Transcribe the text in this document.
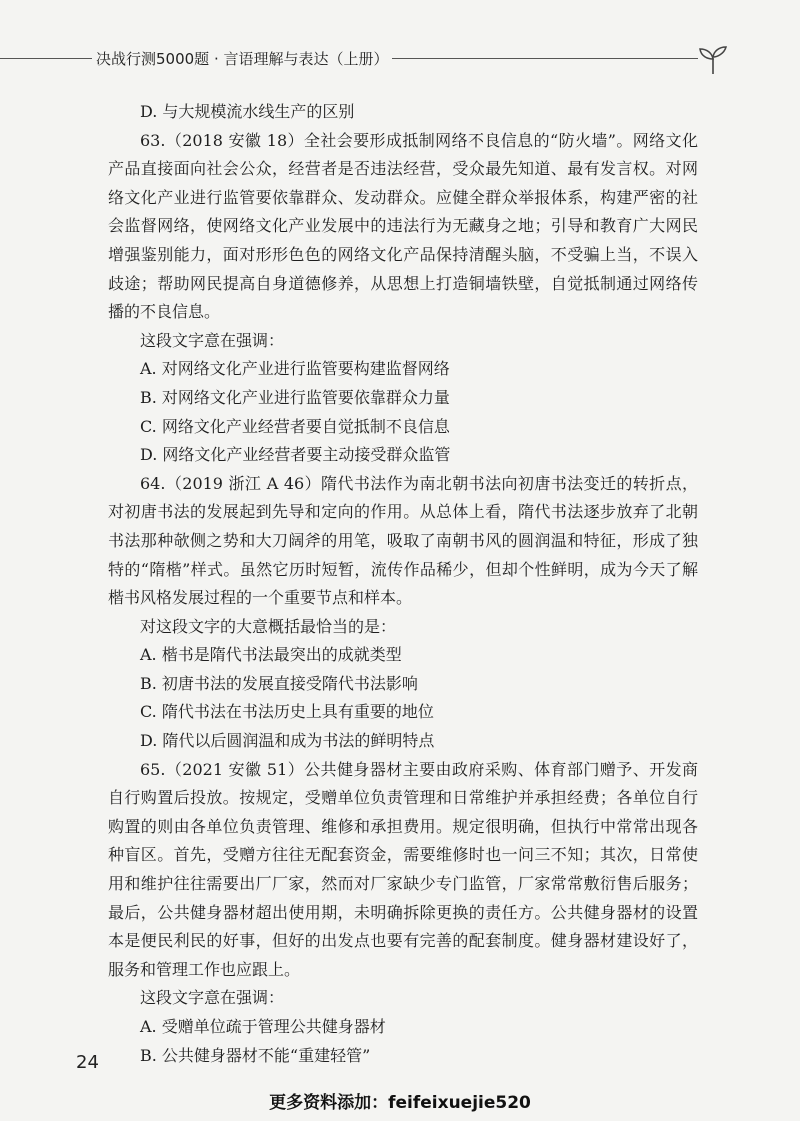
决战行测5000题 · 言语理解与表达（上册）

D. 与大规模流水线生产的区别

63.（2018 安徽 18）全社会要形成抵制网络不良信息的“防火墙”。网络文化产品直接面向社会公众，经营者是否违法经营，受众最先知道、最有发言权。对网络文化产业进行监管要依靠群众、发动群众。应健全群众举报体系，构建严密的社会监督网络，使网络文化产业发展中的违法行为无藏身之地；引导和教育广大网民增强鉴别能力，面对形形色色的网络文化产品保持清醒头脑，不受骗上当，不误入歧途；帮助网民提高自身道德修养，从思想上打造铜墙铁壁，自觉抵制通过网络传播的不良信息。

这段文字意在强调：

A. 对网络文化产业进行监管要构建监督网络

B. 对网络文化产业进行监管要依靠群众力量

C. 网络文化产业经营者要自觉抵制不良信息

D. 网络文化产业经营者要主动接受群众监管

64.（2019 浙江 A 46）隋代书法作为南北朝书法向初唐书法变迁的转折点，对初唐书法的发展起到先导和定向的作用。从总体上看，隋代书法逐步放弃了北朝书法那种欹侧之势和大刀阔斧的用笔，吸取了南朝书风的圆润温和特征，形成了独特的“隋楷”样式。虽然它历时短暂，流传作品稀少，但却个性鲜明，成为今天了解楷书风格发展过程的一个重要节点和样本。

对这段文字的大意概括最恰当的是：

A. 楷书是隋代书法最突出的成就类型

B. 初唐书法的发展直接受隋代书法影响

C. 隋代书法在书法历史上具有重要的地位

D. 隋代以后圆润温和成为书法的鲜明特点

65.（2021 安徽 51）公共健身器材主要由政府采购、体育部门赠予、开发商自行购置后投放。按规定，受赠单位负责管理和日常维护并承担经费；各单位自行购置的则由各单位负责管理、维修和承担费用。规定很明确，但执行中常常出现各种盲区。首先，受赠方往往无配套资金，需要维修时也一问三不知；其次，日常使用和维护往往需要出厂厂家，然而对厂家缺少专门监管，厂家常常敷衍售后服务；最后，公共健身器材超出使用期，未明确拆除更换的责任方。公共健身器材的设置本是便民利民的好事，但好的出发点也要有完善的配套制度。健身器材建设好了，服务和管理工作也应跟上。

这段文字意在强调：

A. 受赠单位疏于管理公共健身器材

B. 公共健身器材不能“重建轻管”

24
更多资料添加：feifeixuejie520
